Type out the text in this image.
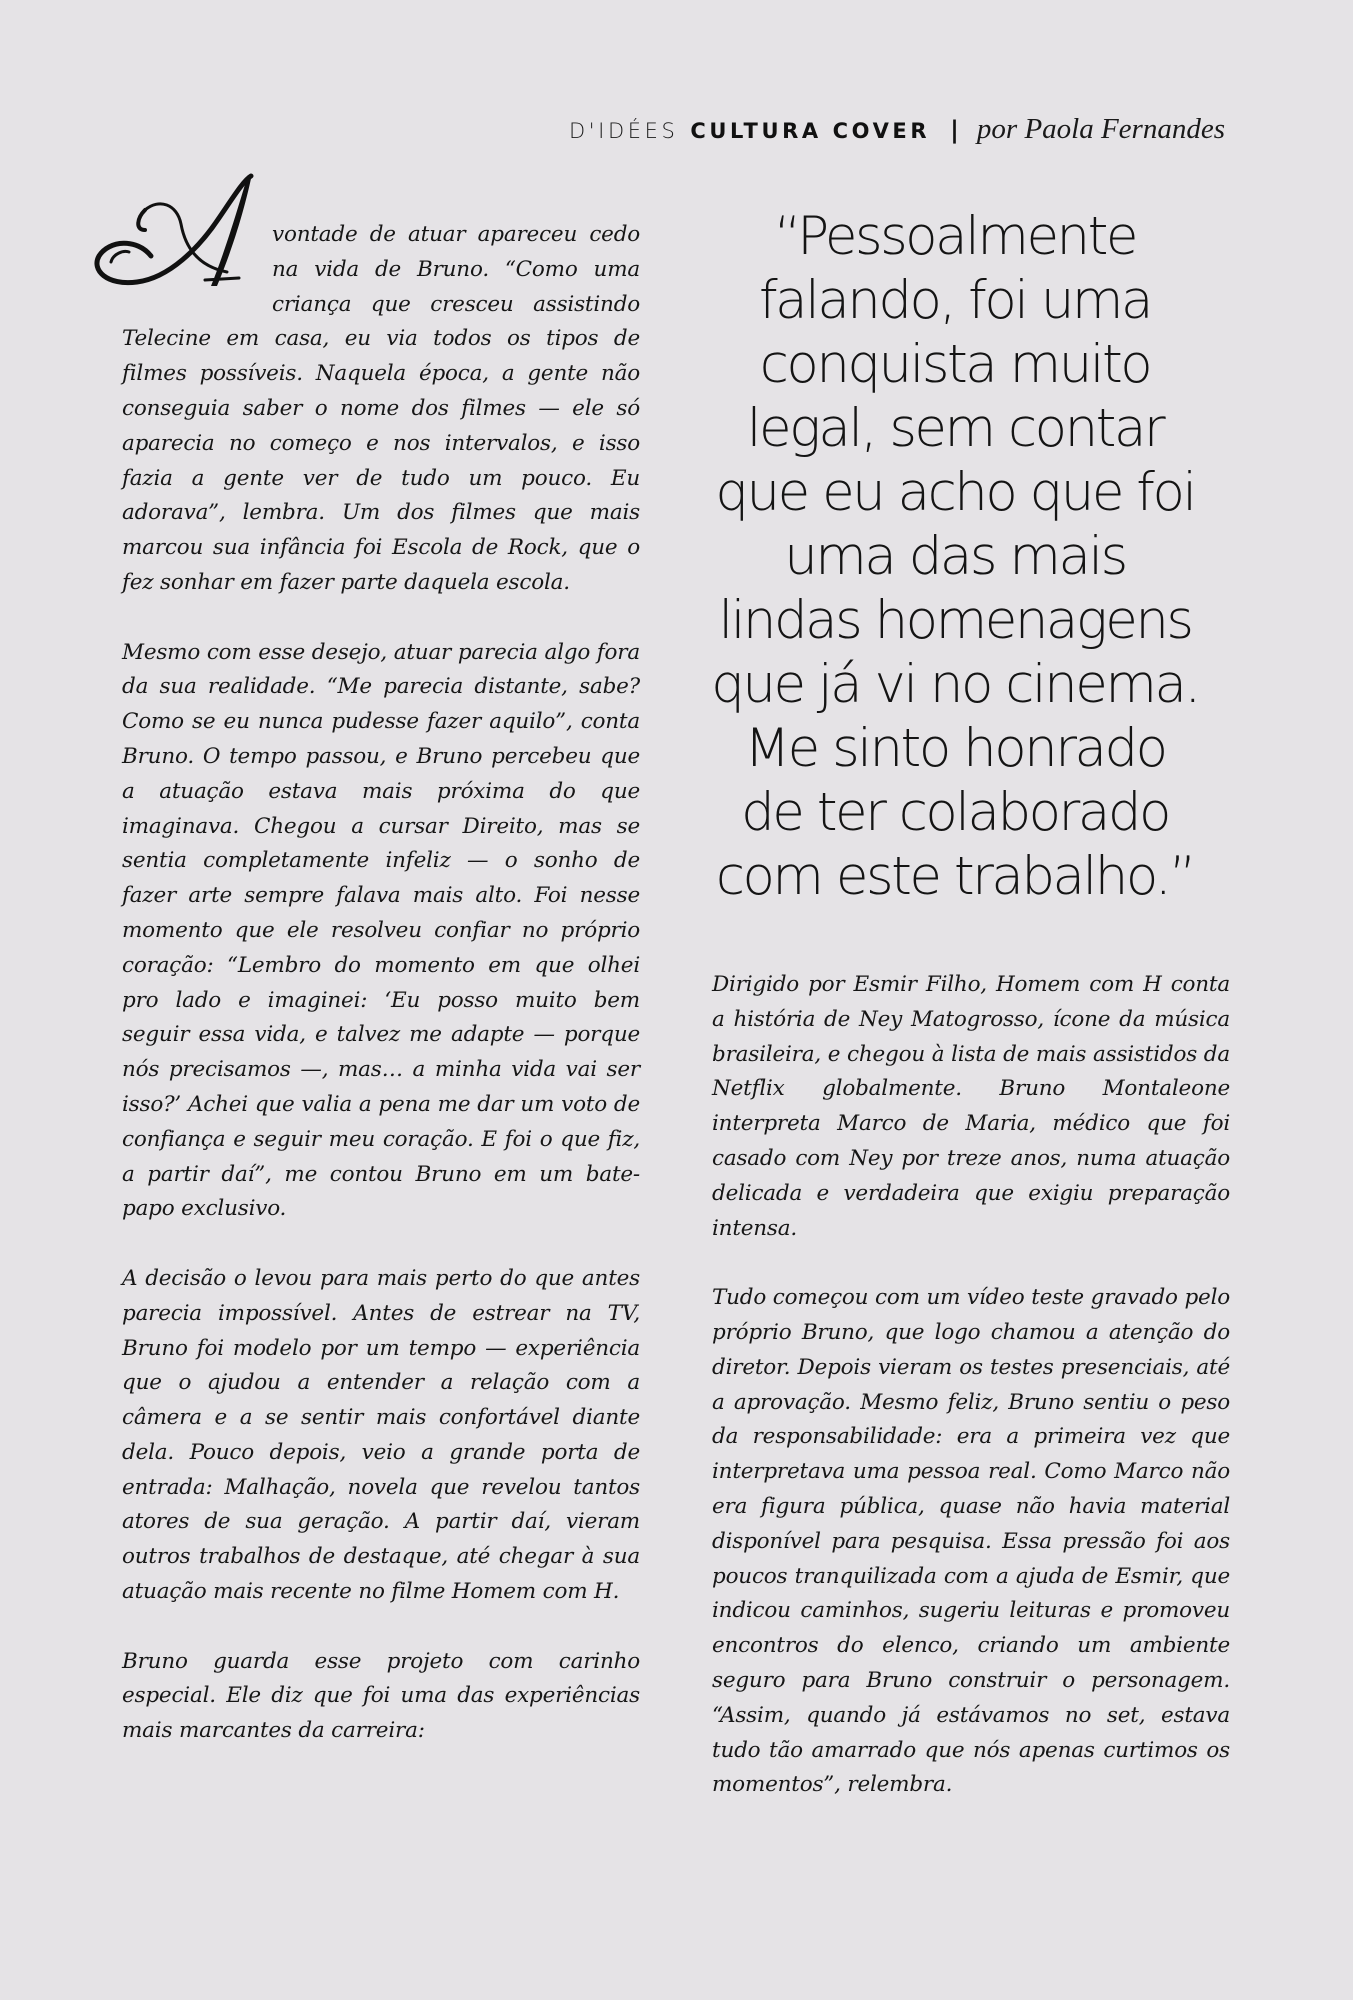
D'IDÉES CULTURA COVER | por Paola Fernandes

vontade de atuar apareceu cedo na vida de Bruno. “Como uma criança que cresceu assistindo Telecine em casa, eu via todos os tipos de filmes possíveis. Naquela época, a gente não conseguia saber o nome dos filmes — ele só aparecia no começo e nos intervalos, e isso fazia a gente ver de tudo um pouco. Eu adorava”, lembra. Um dos filmes que mais marcou sua infância foi Escola de Rock, que o fez sonhar em fazer parte daquela escola.

Mesmo com esse desejo, atuar parecia algo fora da sua realidade. “Me parecia distante, sabe? Como se eu nunca pudesse fazer aquilo”, conta Bruno. O tempo passou, e Bruno percebeu que a atuação estava mais próxima do que imaginava. Chegou a cursar Direito, mas se sentia completamente infeliz — o sonho de fazer arte sempre falava mais alto. Foi nesse momento que ele resolveu confiar no próprio coração: “Lembro do momento em que olhei pro lado e imaginei: ‘Eu posso muito bem seguir essa vida, e talvez me adapte — porque nós precisamos —, mas… a minha vida vai ser isso?’ Achei que valia a pena me dar um voto de confiança e seguir meu coração. E foi o que fiz, a partir daí”, me contou Bruno em um bate-papo exclusivo.

A decisão o levou para mais perto do que antes parecia impossível. Antes de estrear na TV, Bruno foi modelo por um tempo — experiência que o ajudou a entender a relação com a câmera e a se sentir mais confortável diante dela. Pouco depois, veio a grande porta de entrada: Malhação, novela que revelou tantos atores de sua geração. A partir daí, vieram outros trabalhos de destaque, até chegar à sua atuação mais recente no filme Homem com H.

Bruno guarda esse projeto com carinho especial. Ele diz que foi uma das experiências mais marcantes da carreira:

“Pessoalmente
falando, foi uma
conquista muito
legal, sem contar
que eu acho que foi
uma das mais
lindas homenagens
que já vi no cinema.
Me sinto honrado
de ter colaborado
com este trabalho.”

Dirigido por Esmir Filho, Homem com H conta a história de Ney Matogrosso, ícone da música brasileira, e chegou à lista de mais assistidos da Netflix globalmente. Bruno Montaleone interpreta Marco de Maria, médico que foi casado com Ney por treze anos, numa atuação delicada e verdadeira que exigiu preparação intensa.

Tudo começou com um vídeo teste gravado pelo próprio Bruno, que logo chamou a atenção do diretor. Depois vieram os testes presenciais, até a aprovação. Mesmo feliz, Bruno sentiu o peso da responsabilidade: era a primeira vez que interpretava uma pessoa real. Como Marco não era figura pública, quase não havia material disponível para pesquisa. Essa pressão foi aos poucos tranquilizada com a ajuda de Esmir, que indicou caminhos, sugeriu leituras e promoveu encontros do elenco, criando um ambiente seguro para Bruno construir o personagem. “Assim, quando já estávamos no set, estava tudo tão amarrado que nós apenas curtimos os momentos”, relembra.
